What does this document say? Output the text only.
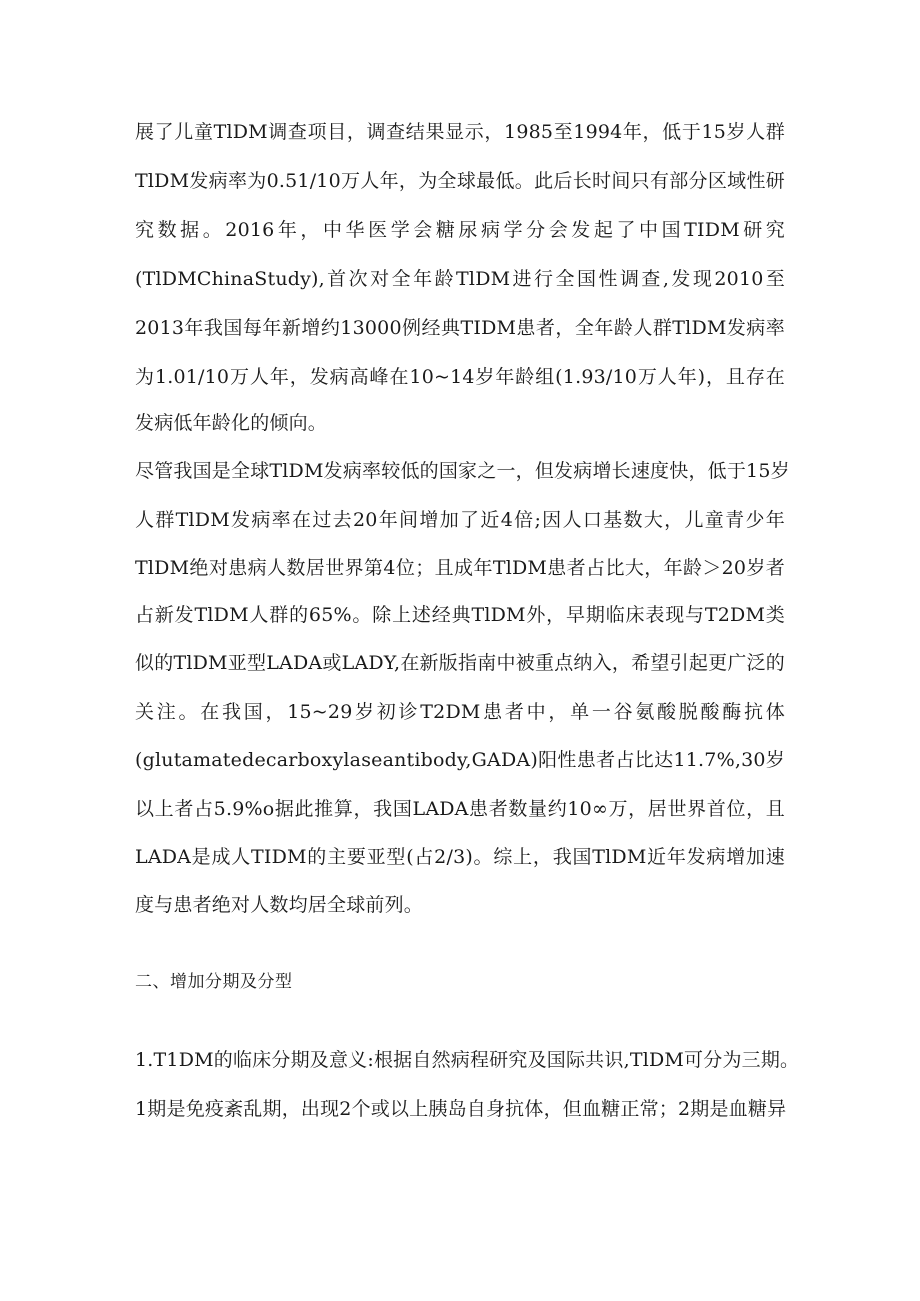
展了儿童TlDM调查项目，调查结果显示，1985至1994年，低于15岁人群
TlDM发病率为0.51/10万人年，为全球最低。此后长时间只有部分区域性研
究数据。2016年，中华医学会糖尿病学分会发起了中国TIDM研究
(TlDMChinaStudy),首次对全年龄TlDM进行全国性调查,发现2010至
2013年我国每年新增约13000例经典TIDM患者，全年龄人群TlDM发病率
为1.01/10万人年，发病高峰在10~14岁年龄组(1.93/10万人年)，且存在
发病低年龄化的倾向。
尽管我国是全球TlDM发病率较低的国家之一，但发病增长速度快，低于15岁
人群TlDM发病率在过去20年间增加了近4倍;因人口基数大，儿童青少年
TlDM绝对患病人数居世界第4位；且成年TlDM患者占比大，年龄＞20岁者
占新发TlDM人群的65%。除上述经典TlDM外，早期临床表现与T2DM类
似的TlDM亚型LADA或LADY,在新版指南中被重点纳入，希望引起更广泛的
关注。在我国，15~29岁初诊T2DM患者中，单一谷氨酸脱酸酶抗体
(glutamatedecarboxylaseantibody,GADA)阳性患者占比达11.7%,30岁
以上者占5.9%o据此推算，我国LADA患者数量约10∞万，居世界首位，且
LADA是成人TIDM的主要亚型(占2/3)。综上，我国TlDM近年发病增加速
度与患者绝对人数均居全球前列。
二、增加分期及分型
1.T1DM的临床分期及意义:根据自然病程研究及国际共识,TlDM可分为三期。
1期是免疫紊乱期，出现2个或以上胰岛自身抗体，但血糖正常；2期是血糖异
